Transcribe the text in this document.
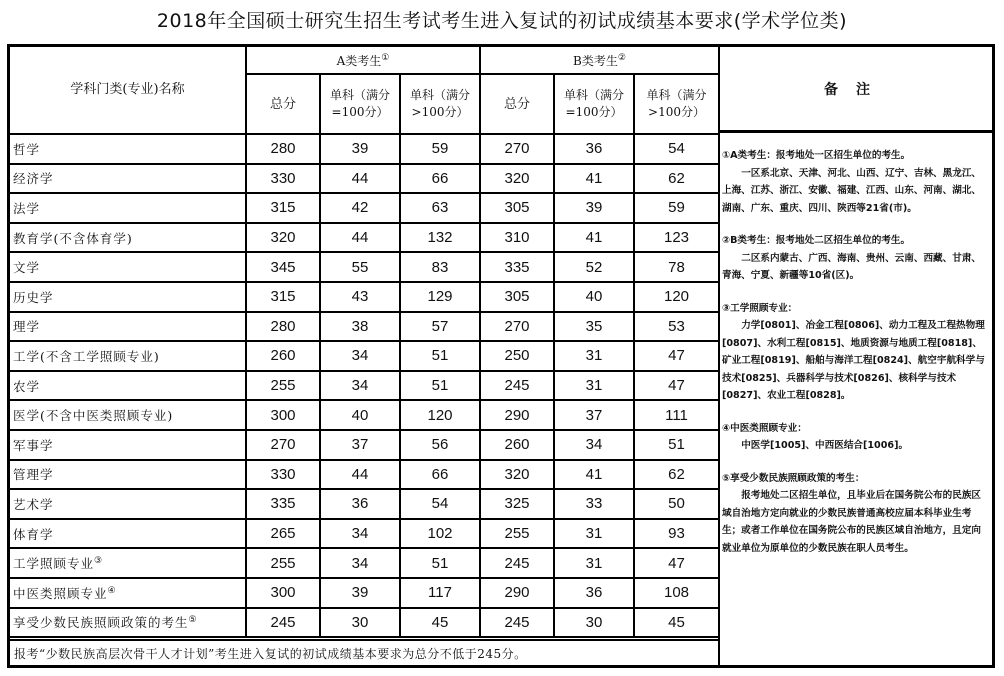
2018年全国硕士研究生招生考试考生进入复试的初试成绩基本要求(学术学位类)
学科门类(专业)名称	A类考生①			B类考生②
	总分	单科（满分=100分）	单科（满分>100分）	总分	单科（满分=100分）	单科（满分>100分）
哲学	280	39	59	270	36	54
经济学	330	44	66	320	41	62
法学	315	42	63	305	39	59
教育学(不含体育学)	320	44	132	310	41	123
文学	345	55	83	335	52	78
历史学	315	43	129	305	40	120
理学	280	38	57	270	35	53
工学(不含工学照顾专业)	260	34	51	250	31	47
农学	255	34	51	245	31	47
医学(不含中医类照顾专业)	300	40	120	290	37	111
军事学	270	37	56	260	34	51
管理学	330	44	66	320	41	62
艺术学	335	36	54	325	33	50
体育学	265	34	102	255	31	93
工学照顾专业③	255	34	51	245	31	47
中医类照顾专业④	300	39	117	290	36	108
享受少数民族照顾政策的考生⑤	245	30	45	245	30	45
报考“少数民族高层次骨干人才计划”考生进入复试的初试成绩基本要求为总分不低于245分。
备注
①A类考生：报考地处一区招生单位的考生。
一区系北京、天津、河北、山西、辽宁、吉林、黑龙江、上海、江苏、浙江、安徽、福建、江西、山东、河南、湖北、湖南、广东、重庆、四川、陕西等21省(市)。
②B类考生：报考地处二区招生单位的考生。
二区系内蒙古、广西、海南、贵州、云南、西藏、甘肃、青海、宁夏、新疆等10省(区)。
③工学照顾专业：
力学[0801]、冶金工程[0806]、动力工程及工程热物理[0807]、水利工程[0815]、地质资源与地质工程[0818]、矿业工程[0819]、船舶与海洋工程[0824]、航空宇航科学与技术[0825]、兵器科学与技术[0826]、核科学与技术[0827]、农业工程[0828]。
④中医类照顾专业：
中医学[1005]、中西医结合[1006]。
⑤享受少数民族照顾政策的考生：
报考地处二区招生单位，且毕业后在国务院公布的民族区域自治地方定向就业的少数民族普通高校应届本科毕业生考生；或者工作单位在国务院公布的民族区域自治地方，且定向就业单位为原单位的少数民族在职人员考生。
